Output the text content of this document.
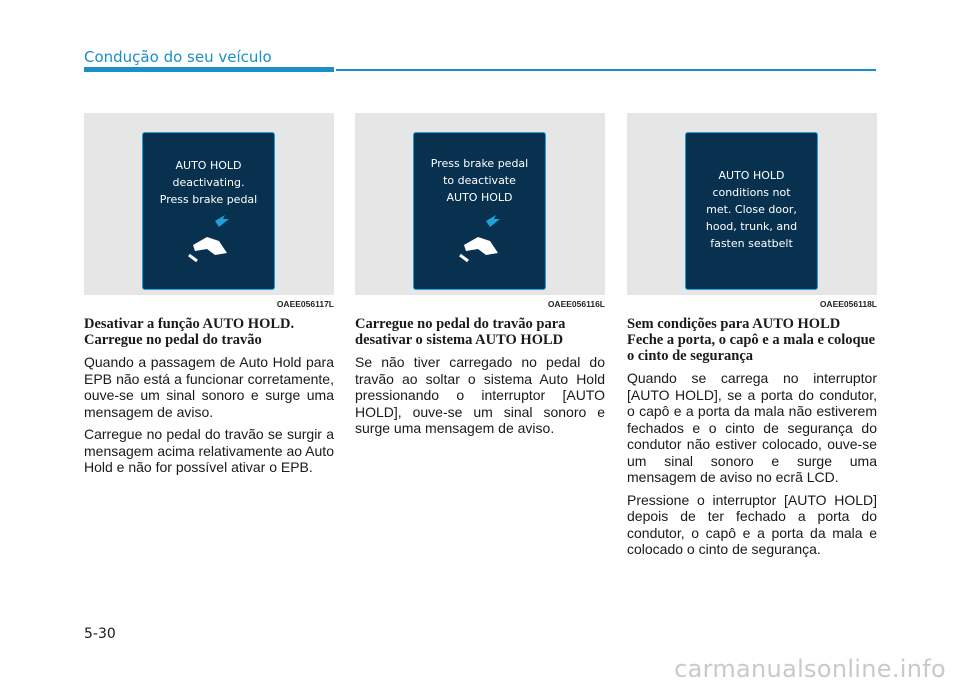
Condução do seu veículo
AUTO HOLD
deactivating.
Press brake pedal
OAEE056117L
Desativar a função AUTO HOLD. Carregue no pedal do travão

Quando a passagem de Auto Hold para EPB não está a funcionar corretamente, ouve-se um sinal sonoro e surge uma mensagem de aviso.

Carregue no pedal do travão se surgir a mensagem acima relativamente ao Auto Hold e não for possível ativar o EPB.

Press brake pedal
to deactivate
AUTO HOLD
OAEE056116L
Carregue no pedal do travão para desativar o sistema AUTO HOLD

Se não tiver carregado no pedal do travão ao soltar o sistema Auto Hold pressionando o interruptor [AUTO HOLD], ouve-se um sinal sonoro e surge uma mensagem de aviso.

AUTO HOLD
conditions not
met. Close door,
hood, trunk, and
fasten seatbelt
OAEE056118L
Sem condições para AUTO HOLD Feche a porta, o capô e a mala e coloque o cinto de segurança

Quando se carrega no interruptor [AUTO HOLD], se a porta do condutor, o capô e a porta da mala não estiverem fechados e o cinto de segurança do condutor não estiver colocado, ouve-se um sinal sonoro e surge uma mensagem de aviso no ecrã LCD.

Pressione o interruptor [AUTO HOLD] depois de ter fechado a porta do condutor, o capô e a porta da mala e colocado o cinto de segurança.

5-30
carmanualsonline.info
